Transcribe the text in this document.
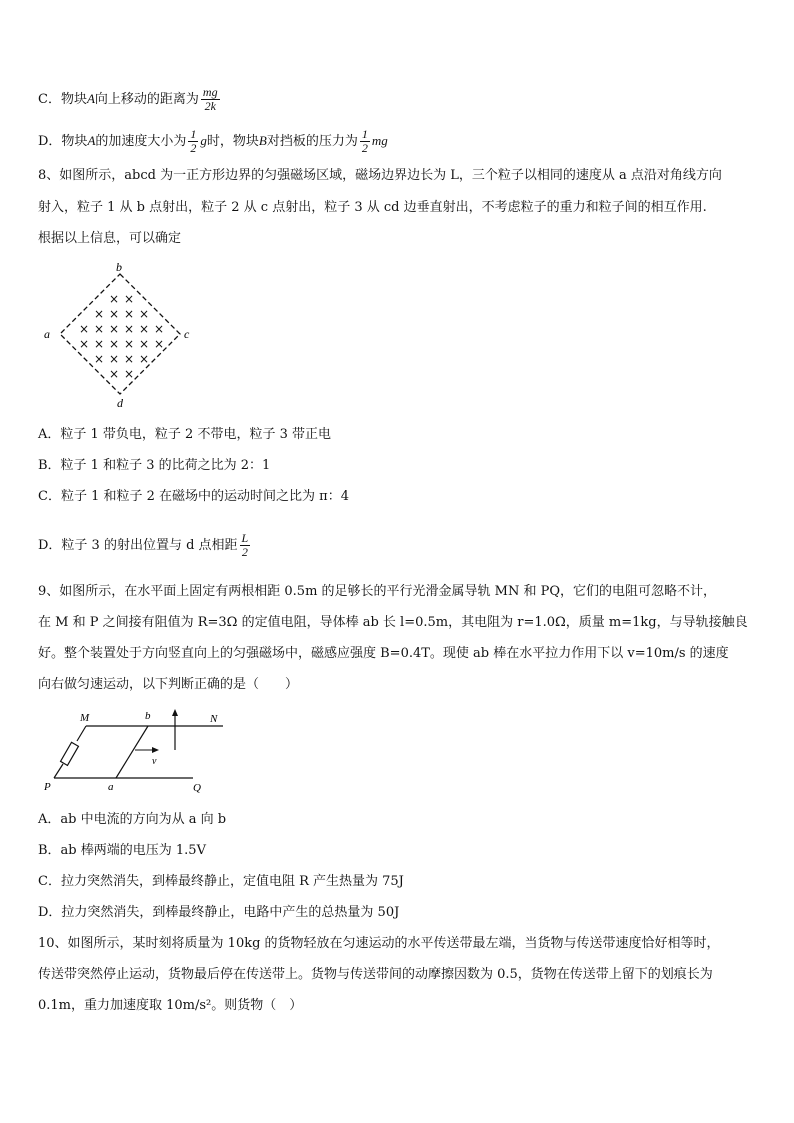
C．物块A向上移动的距离为 $\frac{mg}{2k}$
D．物块A的加速度大小为 $\frac{1}{2}$ g时，物块B对挡板的压力为 $\frac{1}{2}$ mg
8、如图所示，abcd 为一正方形边界的匀强磁场区域，磁场边界边长为 L，三个粒子以相同的速度从 a 点沿对角线方向
射入，粒子 1 从 b 点射出，粒子 2 从 c 点射出，粒子 3 从 cd 边垂直射出，不考虑粒子的重力和粒子间的相互作用.
根据以上信息，可以确定
× ×
× × × ×
× × × × × ×
× × × × × ×
× × × ×
× ×
b
a	c
d
A．粒子 1 带负电，粒子 2 不带电，粒子 3 带正电
B．粒子 1 和粒子 3 的比荷之比为 2：1
C．粒子 1 和粒子 2 在磁场中的运动时间之比为 π：4
D．粒子 3 的射出位置与 d 点相距 $\frac{L}{2}$
9、如图所示，在水平面上固定有两根相距 0.5m 的足够长的平行光滑金属导轨 MN 和 PQ，它们的电阻可忽略不计，
在 M 和 P 之间接有阻值为 R=3Ω 的定值电阻，导体棒 ab 长 l=0.5m，其电阻为 r=1.0Ω，质量 m=1kg，与导轨接触良
好。整个装置处于方向竖直向上的匀强磁场中，磁感应强度 B=0.4T。现使 ab 棒在水平拉力作用下以 v=10m/s 的速度
向右做匀速运动，以下判断正确的是（　　）
v
M	b	N
P	a	Q
A．ab 中电流的方向为从 a 向 b
B．ab 棒两端的电压为 1.5V
C．拉力突然消失，到棒最终静止，定值电阻 R 产生热量为 75J
D．拉力突然消失，到棒最终静止，电路中产生的总热量为 50J
10、如图所示，某时刻将质量为 10kg 的货物轻放在匀速运动的水平传送带最左端，当货物与传送带速度恰好相等时，
传送带突然停止运动，货物最后停在传送带上。货物与传送带间的动摩擦因数为 0.5，货物在传送带上留下的划痕长为
0.1m，重力加速度取 10m/s²。则货物（　）
